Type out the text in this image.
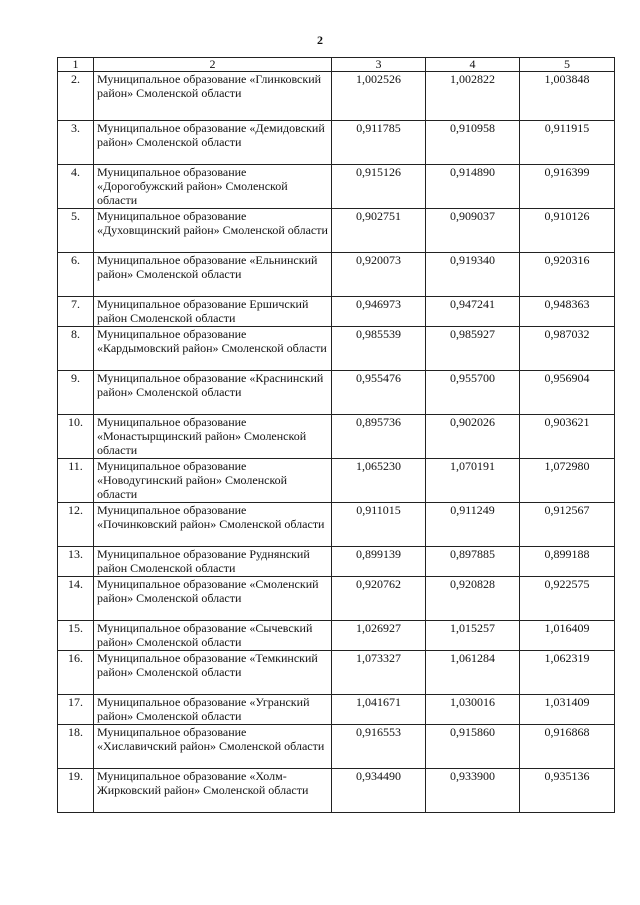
2
1	2	3	4	5
2.	Муниципальное образование «Глинковский район» Смоленской области	1,002526	1,002822	1,003848
3.	Муниципальное образование «Демидовский район» Смоленской области	0,911785	0,910958	0,911915
4.	Муниципальное образование «Дорогобужский район» Смоленской области	0,915126	0,914890	0,916399
5.	Муниципальное образование «Духовщинский район» Смоленской области	0,902751	0,909037	0,910126
6.	Муниципальное образование «Ельнинский район» Смоленской области	0,920073	0,919340	0,920316
7.	Муниципальное образование Ершичский район Смоленской области	0,946973	0,947241	0,948363
8.	Муниципальное образование «Кардымовский район» Смоленской области	0,985539	0,985927	0,987032
9.	Муниципальное образование «Краснинский район» Смоленской области	0,955476	0,955700	0,956904
10.	Муниципальное образование «Монастырщинский район» Смоленской области	0,895736	0,902026	0,903621
11.	Муниципальное образование «Новодугинский район» Смоленской области	1,065230	1,070191	1,072980
12.	Муниципальное образование «Починковский район» Смоленской области	0,911015	0,911249	0,912567
13.	Муниципальное образование Руднянский район Смоленской области	0,899139	0,897885	0,899188
14.	Муниципальное образование «Смоленский район» Смоленской области	0,920762	0,920828	0,922575
15.	Муниципальное образование «Сычевский район» Смоленской области	1,026927	1,015257	1,016409
16.	Муниципальное образование «Темкинский район» Смоленской области	1,073327	1,061284	1,062319
17.	Муниципальное образование «Угранский район» Смоленской области	1,041671	1,030016	1,031409
18.	Муниципальное образование «Хиславичский район» Смоленской области	0,916553	0,915860	0,916868
19.	Муниципальное образование «Холм-Жирковский район» Смоленской области	0,934490	0,933900	0,935136
